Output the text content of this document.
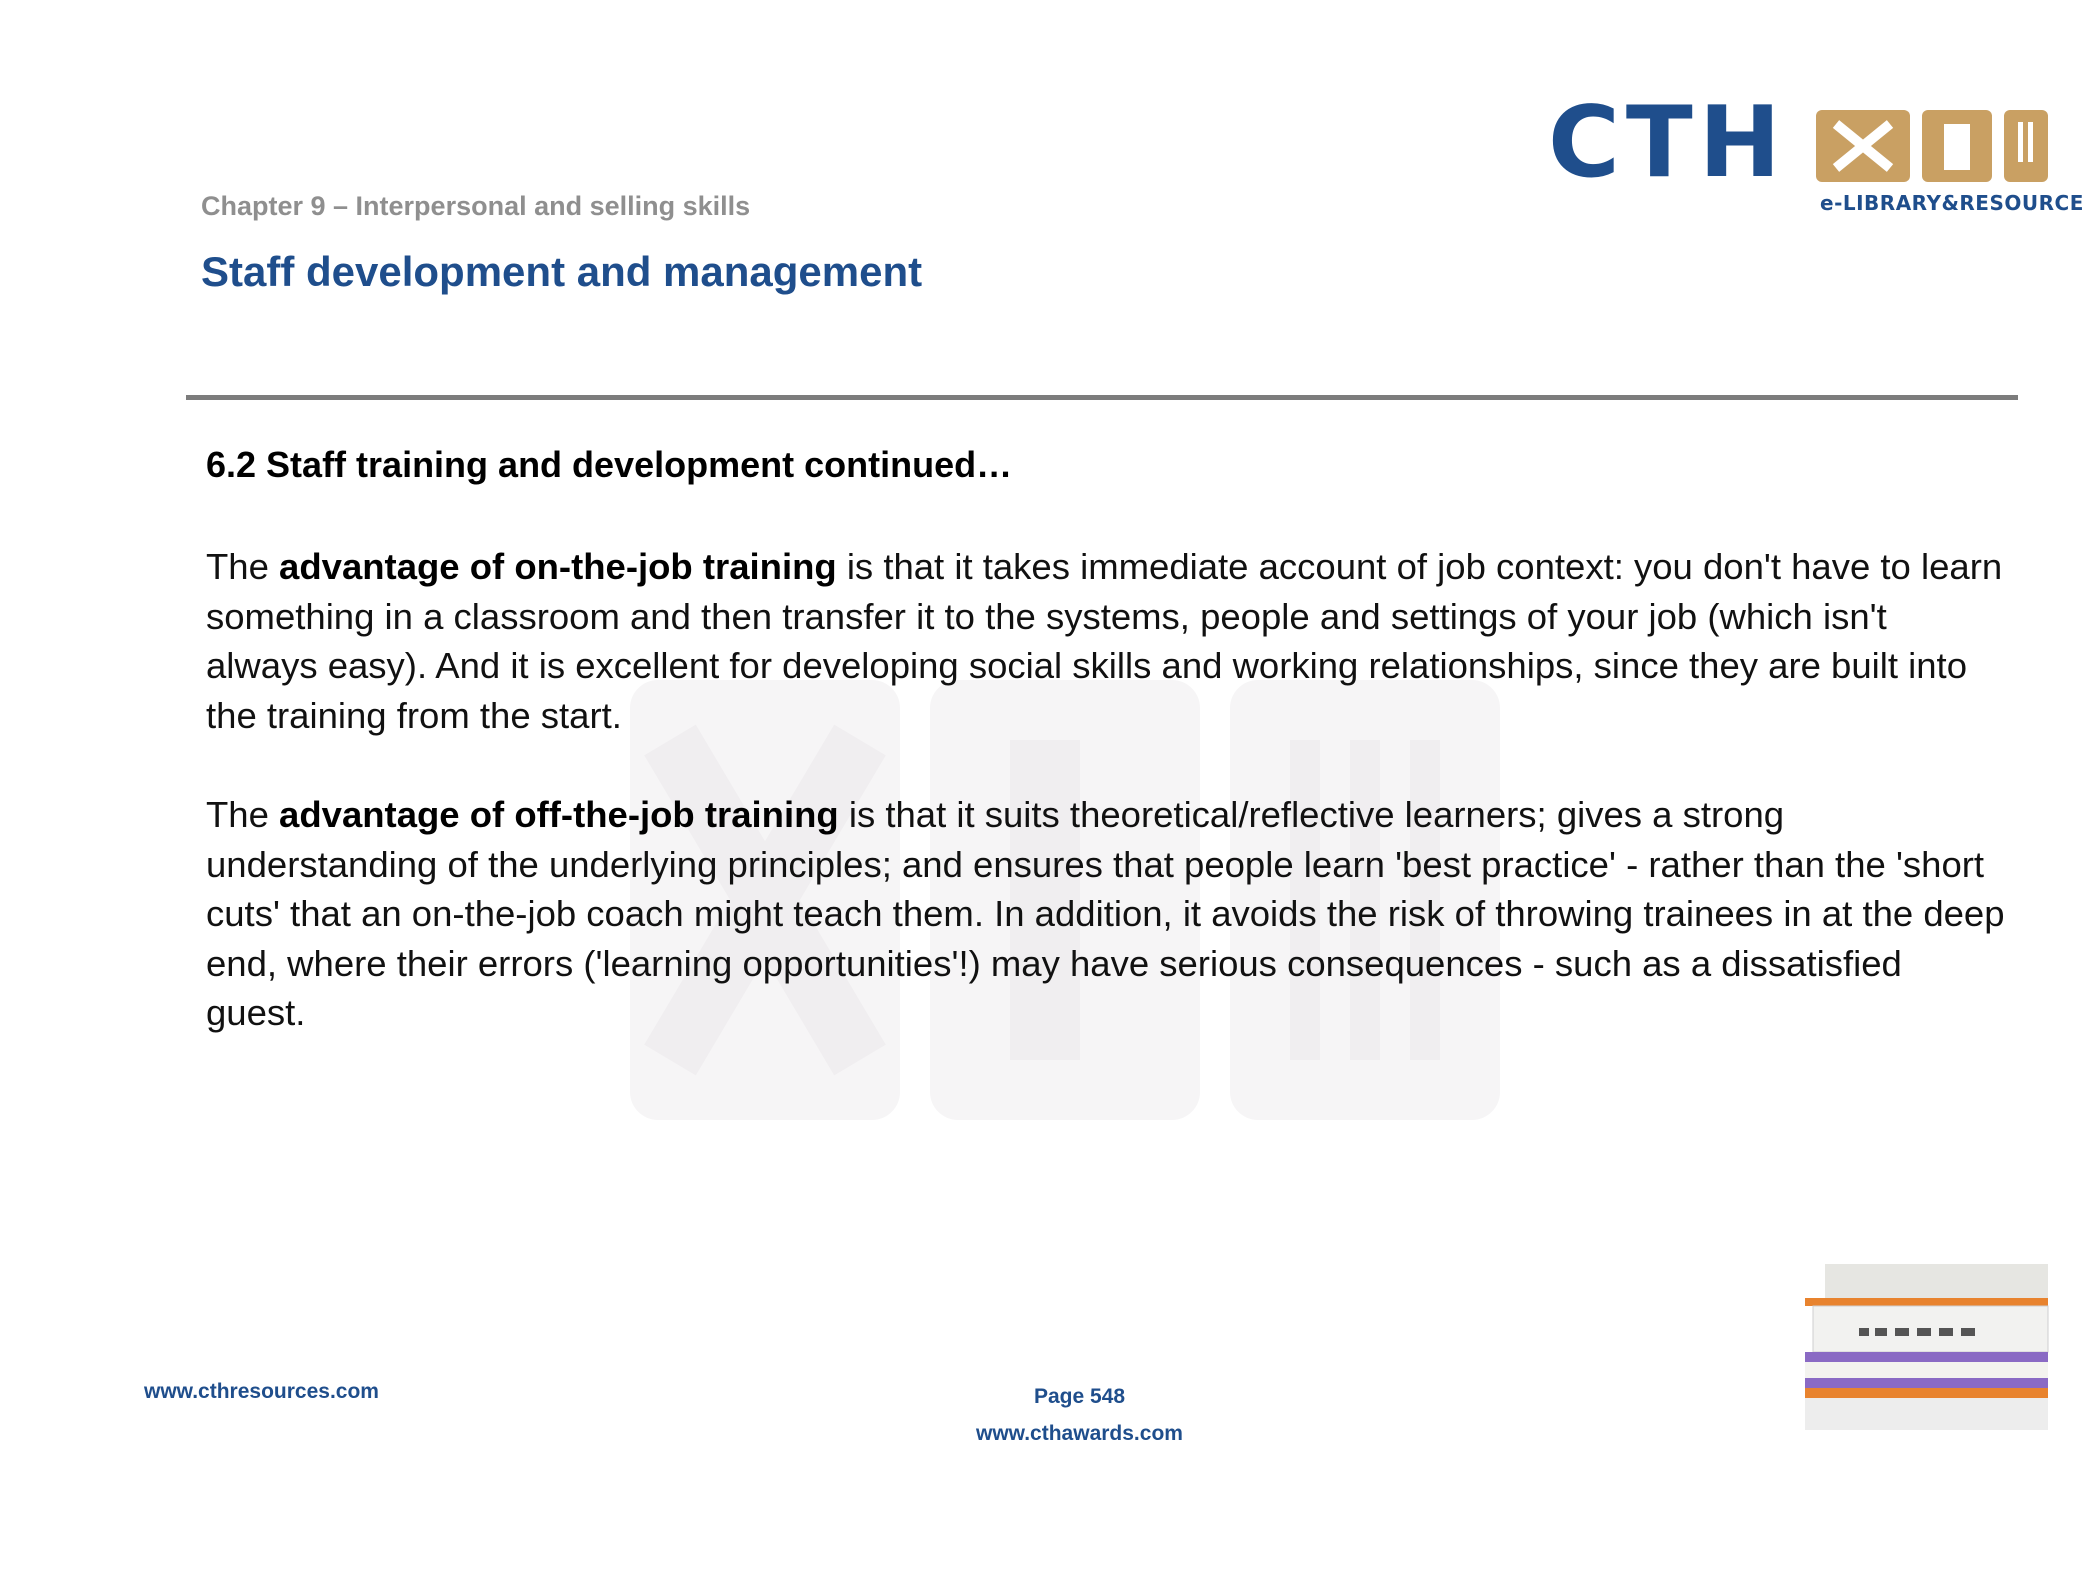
CTH
e-LIBRARY&RESOURCE
Chapter 9 – Interpersonal and selling skills
Staff development and management
6.2 Staff training and development continued…

The advantage of on-the-job training is that it takes immediate account of job context: you don't have to learn something in a classroom and then transfer it to the systems, people and settings of your job (which isn't always easy). And it is excellent for developing social skills and working relationships, since they are built into the training from the start.

The advantage of off-the-job training is that it suits theoretical/reflective learners; gives a strong understanding of the underlying principles; and ensures that people learn 'best practice' - rather than the 'short cuts' that an on-the-job coach might teach them. In addition, it avoids the risk of throwing trainees in at the deep end, where their errors ('learning opportunities'!) may have serious consequences - such as a dissatisfied guest.

www.cthresources.com	Page 548
www.cthawards.com
